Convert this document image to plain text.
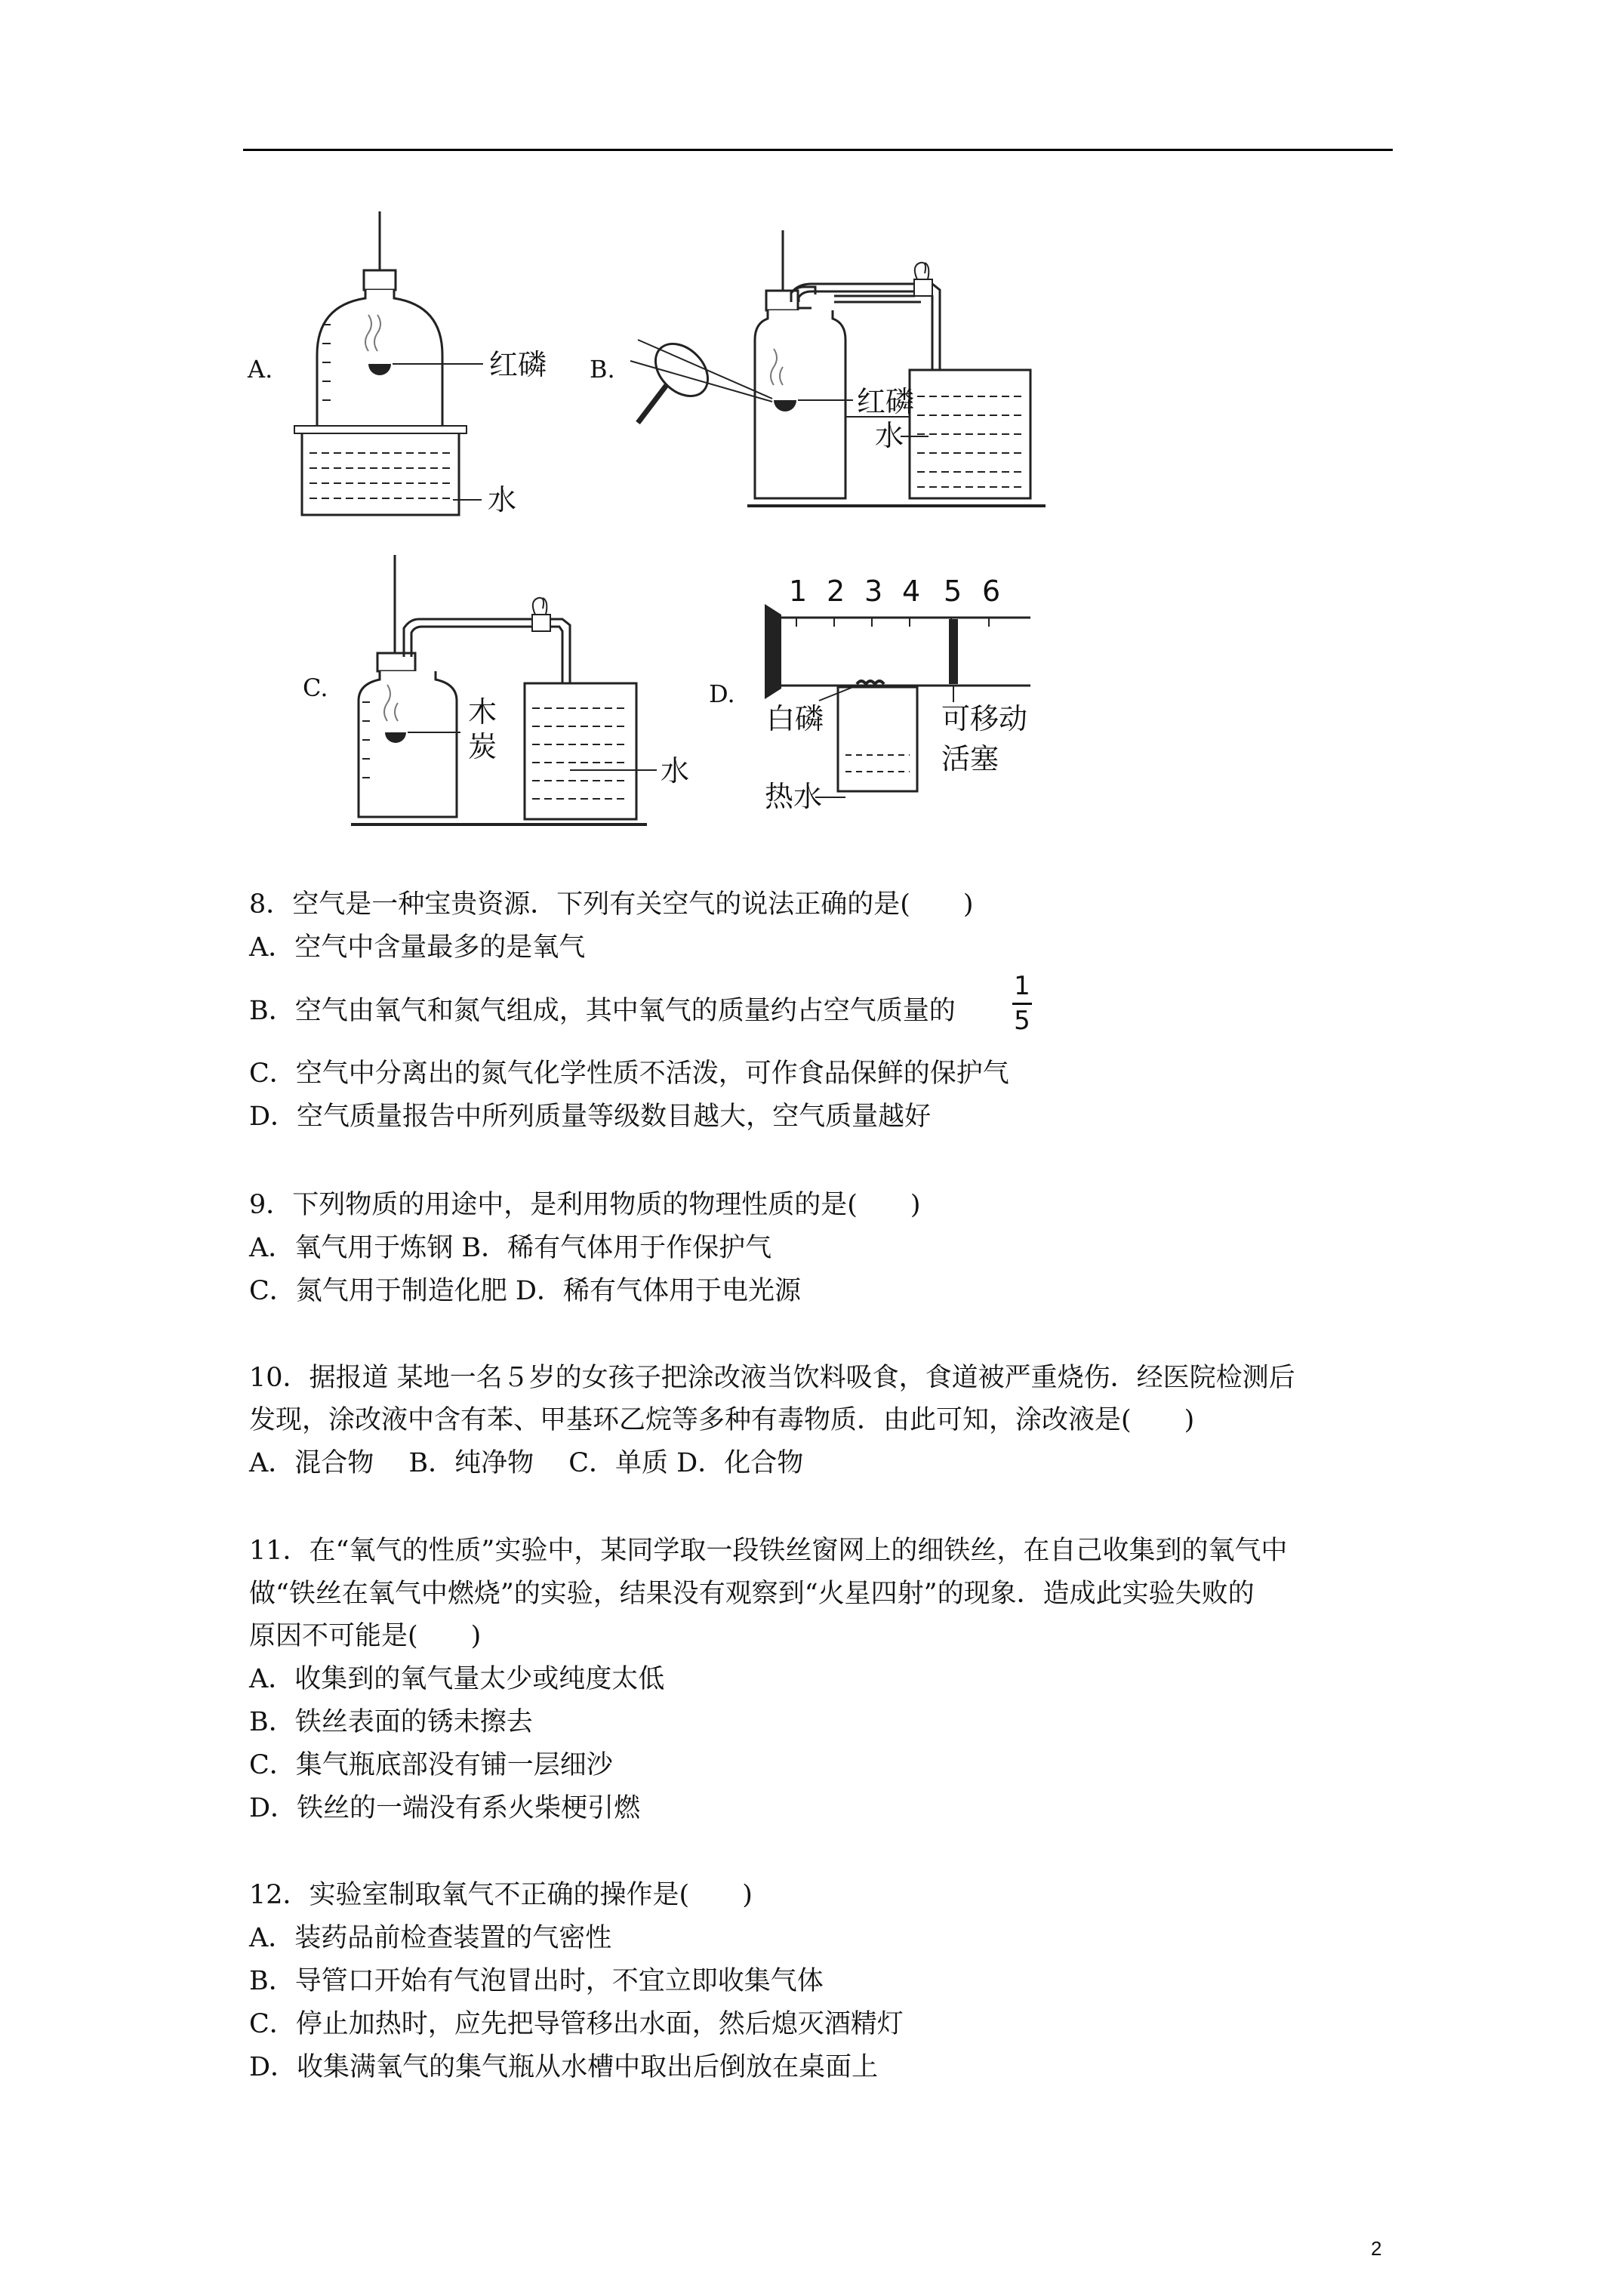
A.	红磷
水
B.
红磷
水
C.
木
炭
水
D.
1 2 3 4 5 6
白磷
热水
可移动
活塞
8．空气是一种宝贵资源．下列有关空气的说法正确的是(　　)
A．空气中含量最多的是氧气
B．空气由氧气和氮气组成，其中氧气的质量约占空气质量的
1
5
C．空气中分离出的氮气化学性质不活泼，可作食品保鲜的保护气
D．空气质量报告中所列质量等级数目越大，空气质量越好
9．下列物质的用途中，是利用物质的物理性质的是(　　)
A．氧气用于炼钢 B．稀有气体用于作保护气
C．氮气用于制造化肥 D．稀有气体用于电光源
10．据报道 某地一名５岁的女孩子把涂改液当饮料吸食，食道被严重烧伤．经医院检测后
发现，涂改液中含有苯、甲基环乙烷等多种有毒物质．由此可知，涂改液是(　　)
A．混合物　 B．纯净物　 C．单质 D．化合物
11．在“氧气的性质”实验中，某同学取一段铁丝窗网上的细铁丝，在自己收集到的氧气中
做“铁丝在氧气中燃烧”的实验，结果没有观察到“火星四射”的现象．造成此实验失败的
原因不可能是(　　)
A．收集到的氧气量太少或纯度太低
B．铁丝表面的锈未擦去
C．集气瓶底部没有铺一层细沙
D．铁丝的一端没有系火柴梗引燃
12．实验室制取氧气不正确的操作是(　　)
A．装药品前检查装置的气密性
B．导管口开始有气泡冒出时，不宜立即收集气体
C．停止加热时，应先把导管移出水面，然后熄灭酒精灯
D．收集满氧气的集气瓶从水槽中取出后倒放在桌面上
2
